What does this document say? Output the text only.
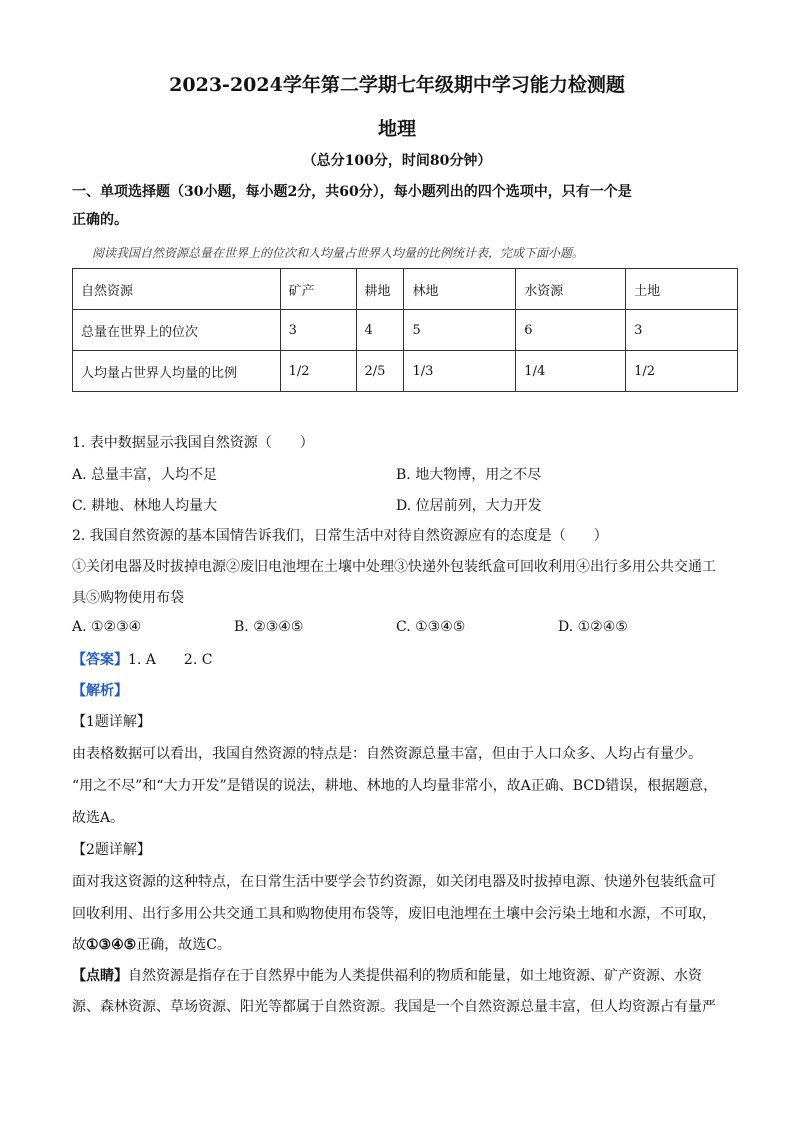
2023-2024学年第二学期七年级期中学习能力检测题
地理
（总分100分，时间80分钟）
一、单项选择题（30小题，每小题2分，共60分），每小题列出的四个选项中，只有一个是
正确的。
阅读我国自然资源总量在世界上的位次和人均量占世界人均量的比例统计表，完成下面小题。
自然资源	矿产	耕地	林地	水资源	土地
总量在世界上的位次	3	4	5	6	3
人均量占世界人均量的比例	1/2	2/5	1/3	1/4	1/2
1. 表中数据显示我国自然资源（　　）
A. 总量丰富，人均不足	B. 地大物博，用之不尽
C. 耕地、林地人均量大	D. 位居前列，大力开发
2. 我国自然资源的基本国情告诉我们，日常生活中对待自然资源应有的态度是（　　）
①关闭电器及时拔掉电源②废旧电池埋在土壤中处理③快递外包装纸盒可回收利用④出行多用公共交通工
具⑤购物使用布袋
A. ①②③④	B. ②③④⑤	C. ①③④⑤	D. ①②④⑤
【答案】1. A　　2. C
【解析】
【1题详解】
由表格数据可以看出，我国自然资源的特点是：自然资源总量丰富，但由于人口众多、人均占有量少。
“用之不尽”和“大力开发”是错误的说法，耕地、林地的人均量非常小，故A正确、BCD错误，根据题意，
故选A。
【2题详解】
面对我这资源的这种特点，在日常生活中要学会节约资源，如关闭电器及时拔掉电源、快递外包装纸盒可
回收利用、出行多用公共交通工具和购物使用布袋等，废旧电池埋在土壤中会污染土地和水源，不可取，
故①③④⑤正确，故选C。
【点睛】自然资源是指存在于自然界中能为人类提供福利的物质和能量，如土地资源、矿产资源、水资
源、森林资源、草场资源、阳光等都属于自然资源。我国是一个自然资源总量丰富，但人均资源占有量严
